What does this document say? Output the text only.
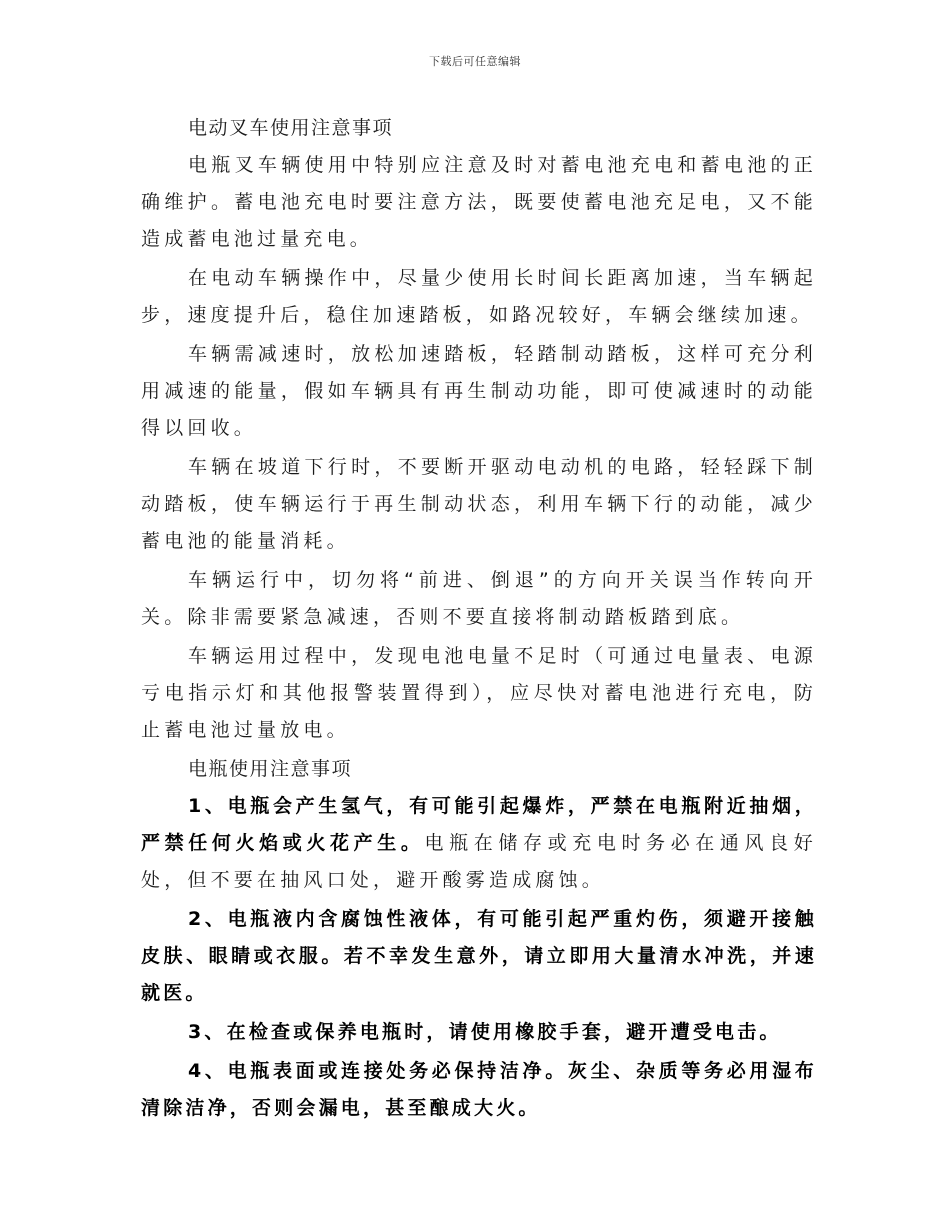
下载后可任意编辑

电动叉车使用注意事项

电瓶叉车辆使用中特别应注意及时对蓄电池充电和蓄电池的正确维护。蓄电池充电时要注意方法，既要使蓄电池充足电，又不能造成蓄电池过量充电。

在电动车辆操作中，尽量少使用长时间长距离加速，当车辆起步，速度提升后，稳住加速踏板，如路况较好，车辆会继续加速。

车辆需减速时，放松加速踏板，轻踏制动踏板，这样可充分利用减速的能量，假如车辆具有再生制动功能，即可使减速时的动能得以回收。

车辆在坡道下行时，不要断开驱动电动机的电路，轻轻踩下制动踏板，使车辆运行于再生制动状态，利用车辆下行的动能，减少蓄电池的能量消耗。

车辆运行中，切勿将“前进、倒退”的方向开关误当作转向开关。除非需要紧急减速，否则不要直接将制动踏板踏到底。

车辆运用过程中，发现电池电量不足时（可通过电量表、电源亏电指示灯和其他报警装置得到），应尽快对蓄电池进行充电，防止蓄电池过量放电。

电瓶使用注意事项

1、电瓶会产生氢气，有可能引起爆炸，严禁在电瓶附近抽烟，严禁任何火焰或火花产生。电瓶在储存或充电时务必在通风良好处，但不要在抽风口处，避开酸雾造成腐蚀。

2、电瓶液内含腐蚀性液体，有可能引起严重灼伤，须避开接触皮肤、眼睛或衣服。若不幸发生意外，请立即用大量清水冲洗，并速就医。

3、在检查或保养电瓶时，请使用橡胶手套，避开遭受电击。

4、电瓶表面或连接处务必保持洁净。灰尘、杂质等务必用湿布清除洁净，否则会漏电，甚至酿成大火。
